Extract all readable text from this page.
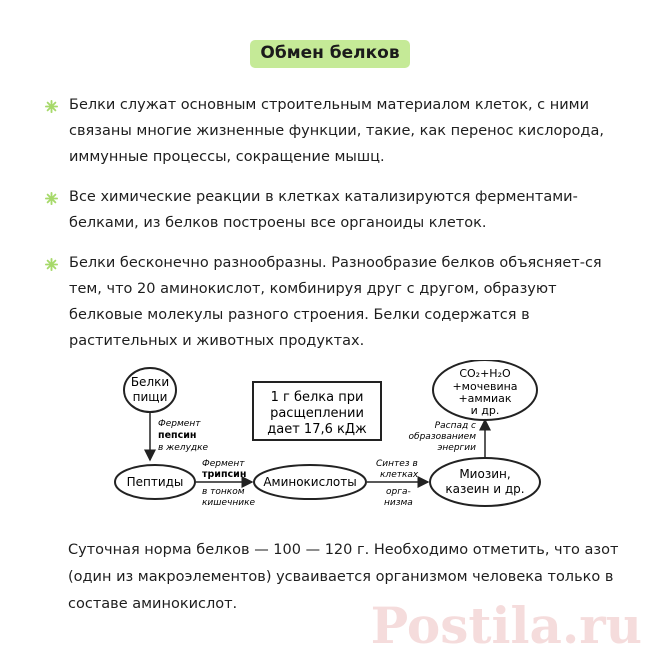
Обмен белков
Белки служат основным строительным материалом клеток, с ними связаны многие жизненные функции, такие, как перенос кислорода, иммунные процессы, сокращение мышц.
Все химические реакции в клетках катализируются ферментами-белками, из белков построены все органоиды клеток.
Белки бесконечно разнообразны. Разнообразие белков объясняет-ся тем, что 20 аминокислот, комбинируя друг с другом, образуют белковые молекулы разного строения. Белки содержатся в растительных и животных продуктах.
Белки
пищи
Фермент
пепсин
в желудке
Пептиды
Фермент
трипсин
в тонком
кишечнике
Аминокислоты
Синтез в
клетках
орга-
низма
Миозин,
казеин и др.
Распад с
образованием
энергии
CO₂+H₂O
+мочевина
+аммиак
и др.
1 г белка при
расщеплении
дает 17,6 кДж
Суточная норма белков — 100 — 120 г. Необходимо отметить, что азот (один из макроэлементов) усваивается организмом человека только в составе аминокислот.	Postila.ru
